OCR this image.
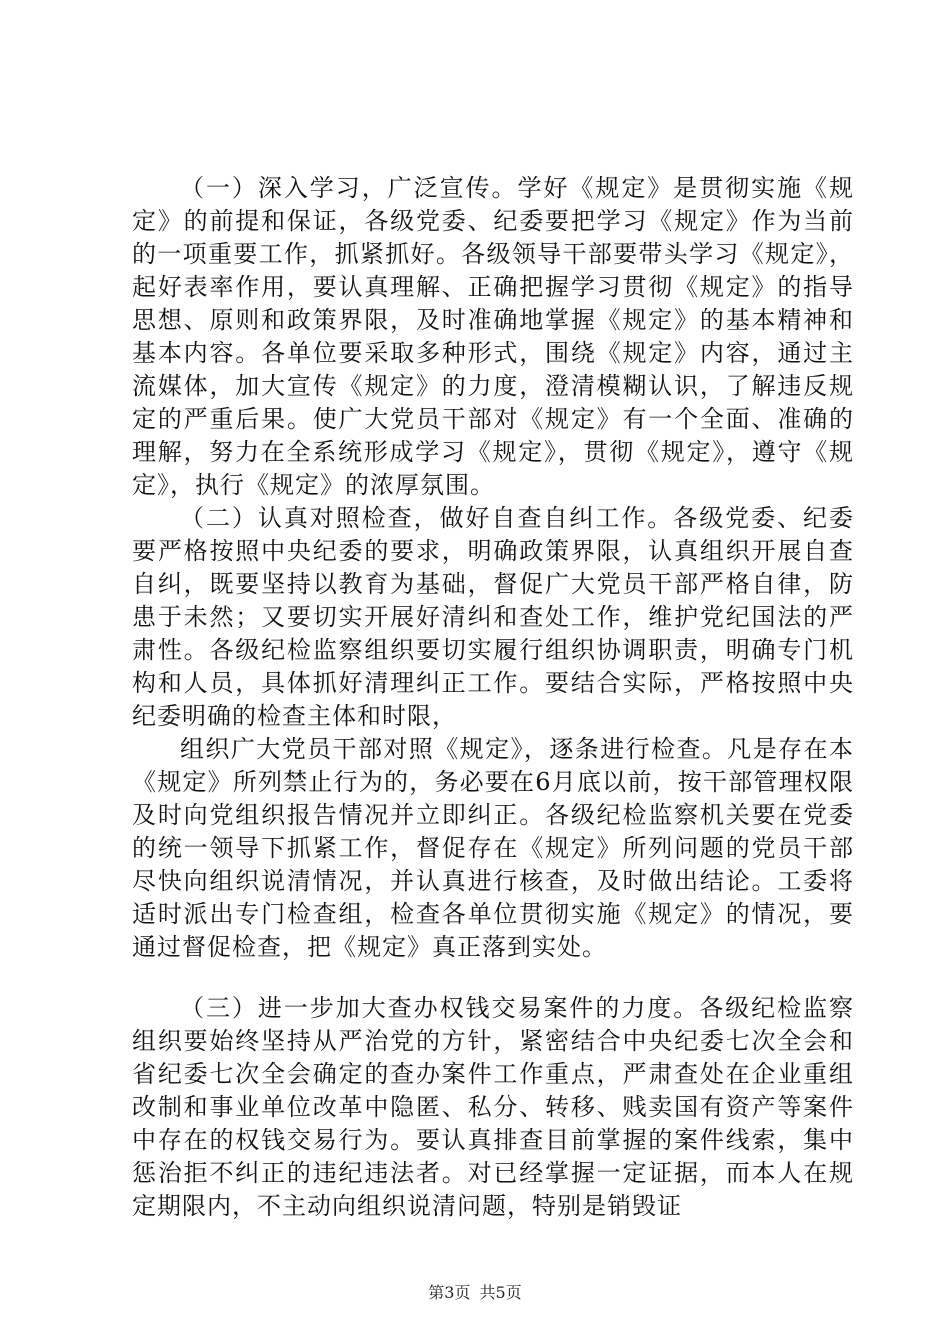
（一）深入学习，广泛宣传。学好《规定》是贯彻实施《规定》的前提和保证，各级党委、纪委要把学习《规定》作为当前的一项重要工作，抓紧抓好。各级领导干部要带头学习《规定》，起好表率作用，要认真理解、正确把握学习贯彻《规定》的指导思想、原则和政策界限，及时准确地掌握《规定》的基本精神和基本内容。各单位要采取多种形式，围绕《规定》内容，通过主流媒体，加大宣传《规定》的力度，澄清模糊认识，了解违反规定的严重后果。使广大党员干部对《规定》有一个全面、准确的理解，努力在全系统形成学习《规定》，贯彻《规定》，遵守《规定》，执行《规定》的浓厚氛围。

（二）认真对照检查，做好自查自纠工作。各级党委、纪委要严格按照中央纪委的要求，明确政策界限，认真组织开展自查自纠，既要坚持以教育为基础，督促广大党员干部严格自律，防患于未然；又要切实开展好清纠和查处工作，维护党纪国法的严肃性。各级纪检监察组织要切实履行组织协调职责，明确专门机构和人员，具体抓好清理纠正工作。要结合实际，严格按照中央纪委明确的检查主体和时限，

组织广大党员干部对照《规定》，逐条进行检查。凡是存在本《规定》所列禁止行为的，务必要在6月底以前，按干部管理权限及时向党组织报告情况并立即纠正。各级纪检监察机关要在党委的统一领导下抓紧工作，督促存在《规定》所列问题的党员干部尽快向组织说清情况，并认真进行核查，及时做出结论。工委将适时派出专门检查组，检查各单位贯彻实施《规定》的情况，要通过督促检查，把《规定》真正落到实处。

（三）进一步加大查办权钱交易案件的力度。各级纪检监察组织要始终坚持从严治党的方针，紧密结合中央纪委七次全会和省纪委七次全会确定的查办案件工作重点，严肃查处在企业重组改制和事业单位改革中隐匿、私分、转移、贱卖国有资产等案件中存在的权钱交易行为。要认真排查目前掌握的案件线索，集中惩治拒不纠正的违纪违法者。对已经掌握一定证据，而本人在规定期限内，不主动向组织说清问题，特别是销毁证

第3页 共5页
